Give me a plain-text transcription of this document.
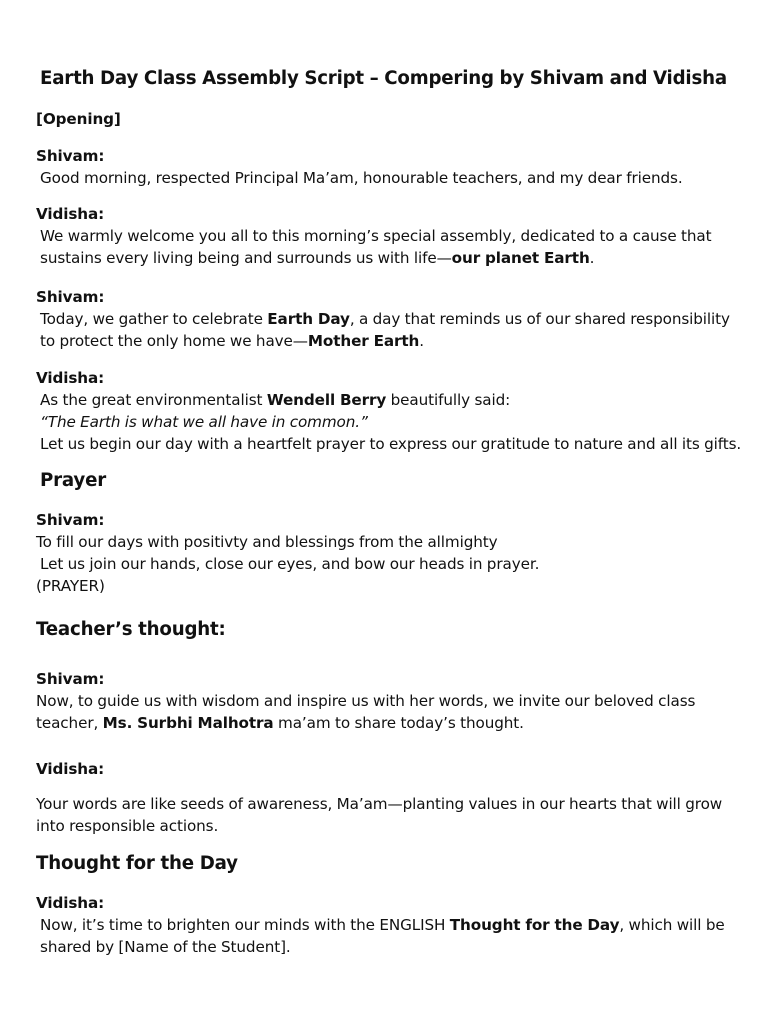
Earth Day Class Assembly Script – Compering by Shivam and Vidisha

[Opening]

Shivam:

Good morning, respected Principal Ma’am, honourable teachers, and my dear friends.

Vidisha:

We warmly welcome you all to this morning’s special assembly, dedicated to a cause that sustains every living being and surrounds us with life—our planet Earth.

Shivam:

Today, we gather to celebrate Earth Day, a day that reminds us of our shared responsibility to protect the only home we have—Mother Earth.

Vidisha:

As the great environmentalist Wendell Berry beautifully said:
“The Earth is what we all have in common.”
Let us begin our day with a heartfelt prayer to express our gratitude to nature and all its gifts.

Prayer

Shivam:

To fill our days with positivty and blessings from the allmighty
Let us join our hands, close our eyes, and bow our heads in prayer.
(PRAYER)

Teacher’s thought:

Shivam:

Now, to guide us with wisdom and inspire us with her words, we invite our beloved class teacher, Ms. Surbhi Malhotra ma’am to share today’s thought.

Vidisha:

Your words are like seeds of awareness, Ma’am—planting values in our hearts that will grow into responsible actions.

Thought for the Day

Vidisha:

Now, it’s time to brighten our minds with the ENGLISH Thought for the Day, which will be shared by [Name of the Student].
